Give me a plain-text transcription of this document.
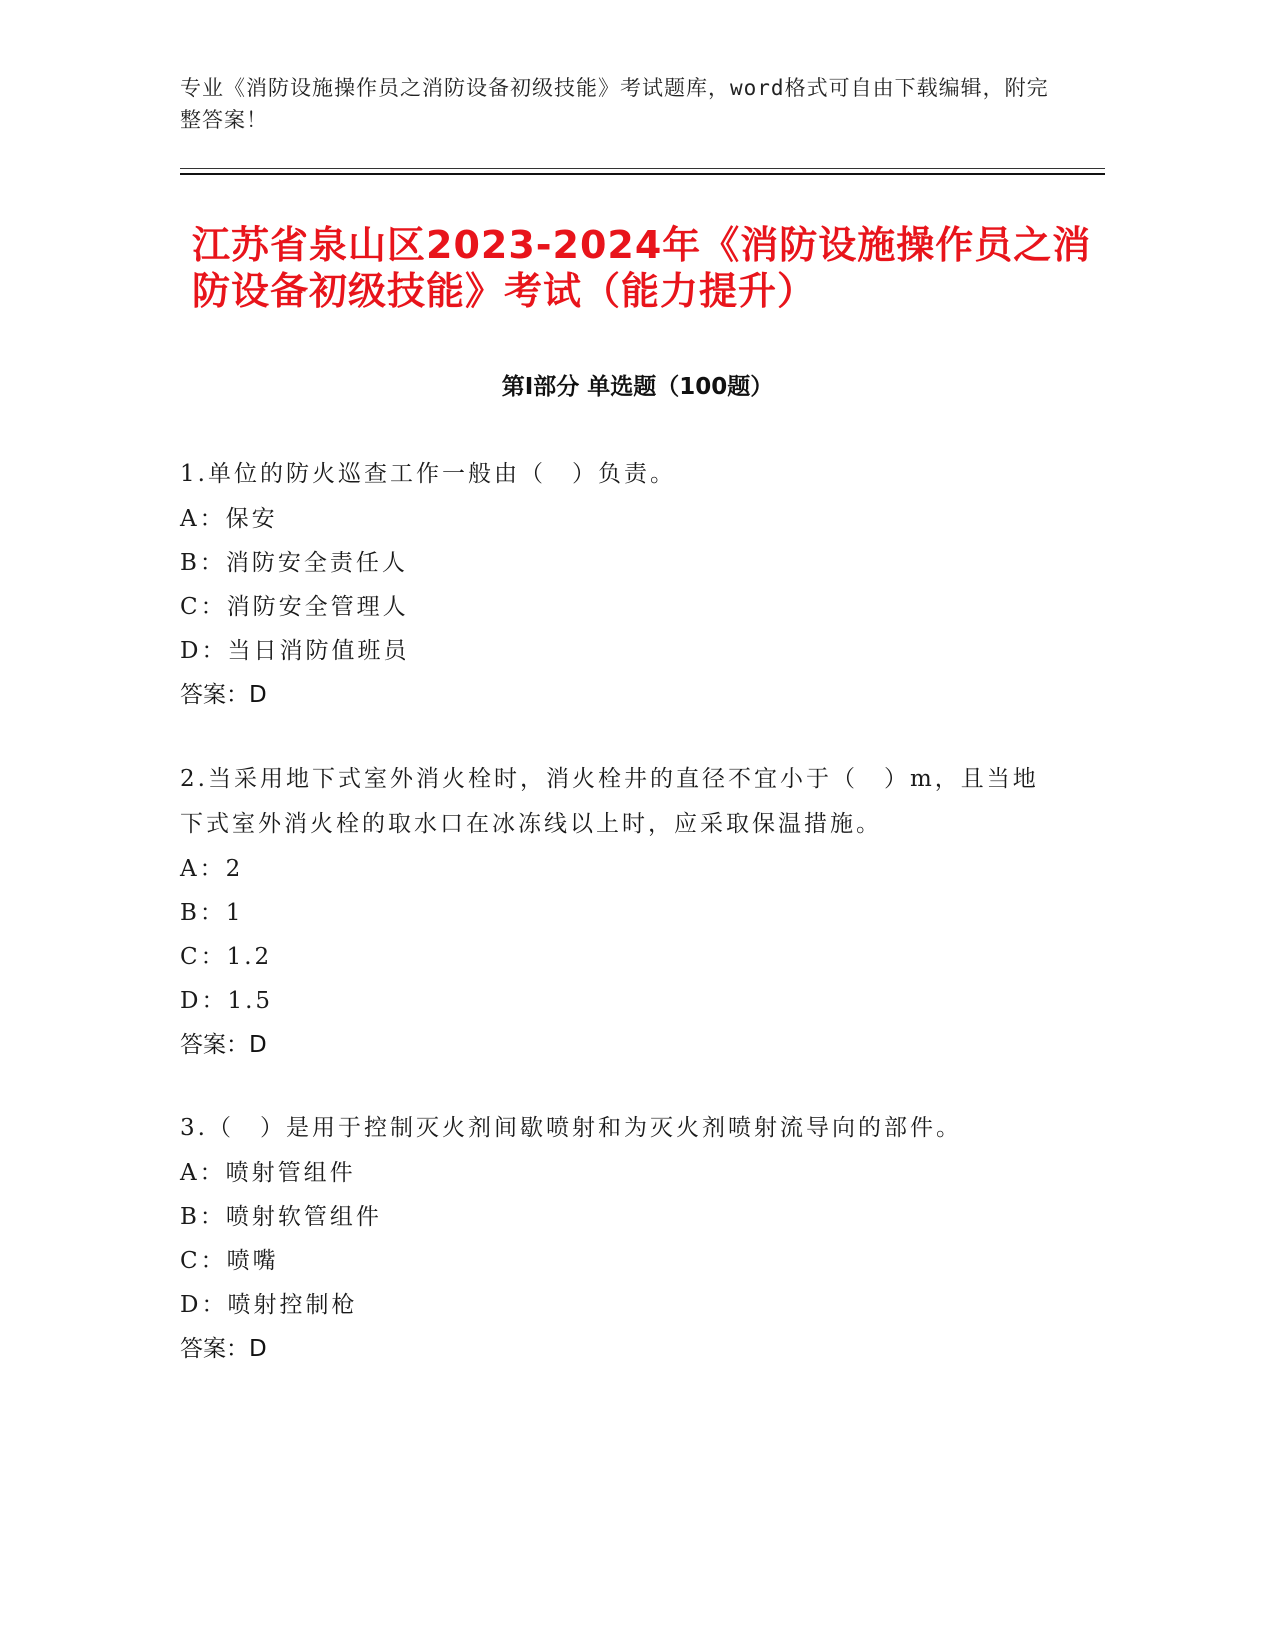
专业《消防设施操作员之消防设备初级技能》考试题库，word格式可自由下载编辑，附完整答案！
江苏省泉山区2023-2024年《消防设施操作员之消防设备初级技能》考试（能力提升）
第Ⅰ部分 单选题（100题）
1.单位的防火巡查工作一般由（　）负责。
A：保安
B：消防安全责任人
C：消防安全管理人
D：当日消防值班员
答案：D
2.当采用地下式室外消火栓时，消火栓井的直径不宜小于（　）m，且当地下式室外消火栓的取水口在冰冻线以上时，应采取保温措施。
A：2
B：1
C：1.2
D：1.5
答案：D
3.（　）是用于控制灭火剂间歇喷射和为灭火剂喷射流导向的部件。
A：喷射管组件
B：喷射软管组件
C：喷嘴
D：喷射控制枪
答案：D
